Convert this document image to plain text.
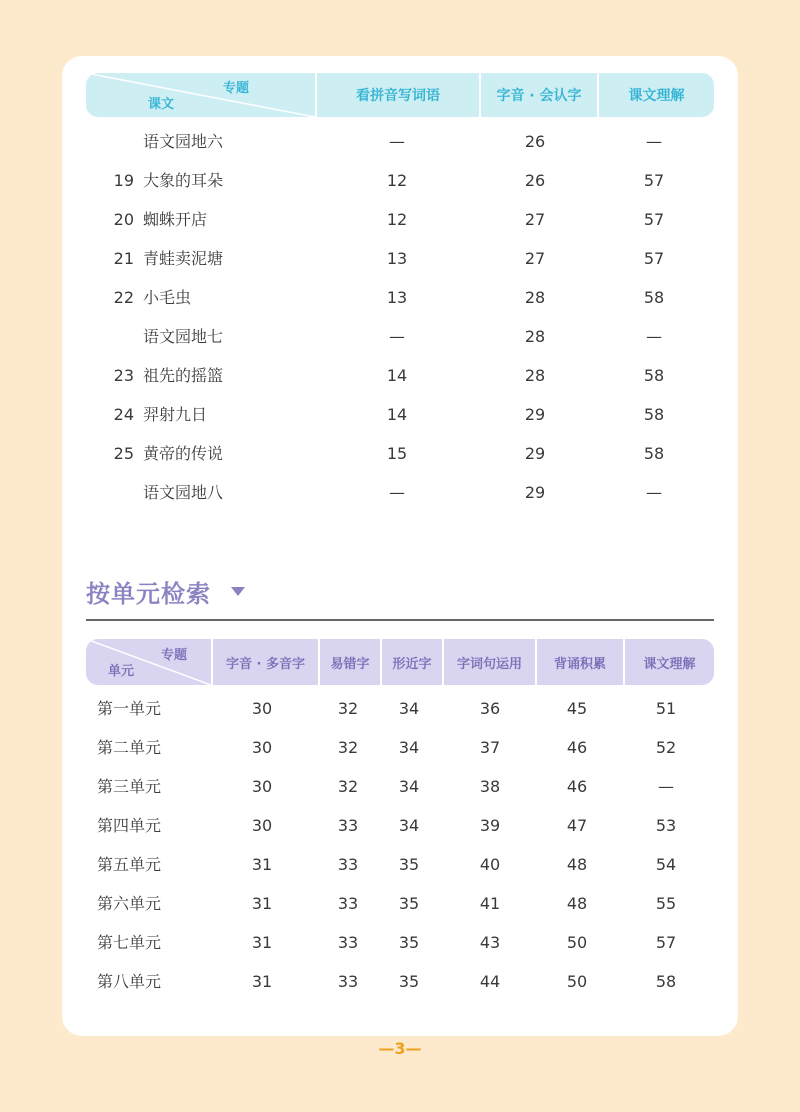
专题
课文
看拼音写词语	字音 · 会认字	课文理解
语文园地六	—	26	—
19 大象的耳朵	12	26	57
20 蜘蛛开店	12	27	57
21 青蛙卖泥塘	13	27	57
22 小毛虫	13	28	58
语文园地七	—	28	—
23 祖先的摇篮	14	28	58
24 羿射九日	14	29	58
25 黄帝的传说	15	29	58
语文园地八	—	29	—
按单元检索
专题
单元	字音 · 多音字	易错字	形近字	字词句运用	背诵积累	课文理解
第一单元	30	32	34	36	45	51
第二单元	30	32	34	37	46	52
第三单元	30	32	34	38	46	—
第四单元	30	33	34	39	47	53
第五单元	31	33	35	40	48	54
第六单元	31	33	35	41	48	55
第七单元	31	33	35	43	50	57
第八单元	31	33	35	44	50	58
—3—
